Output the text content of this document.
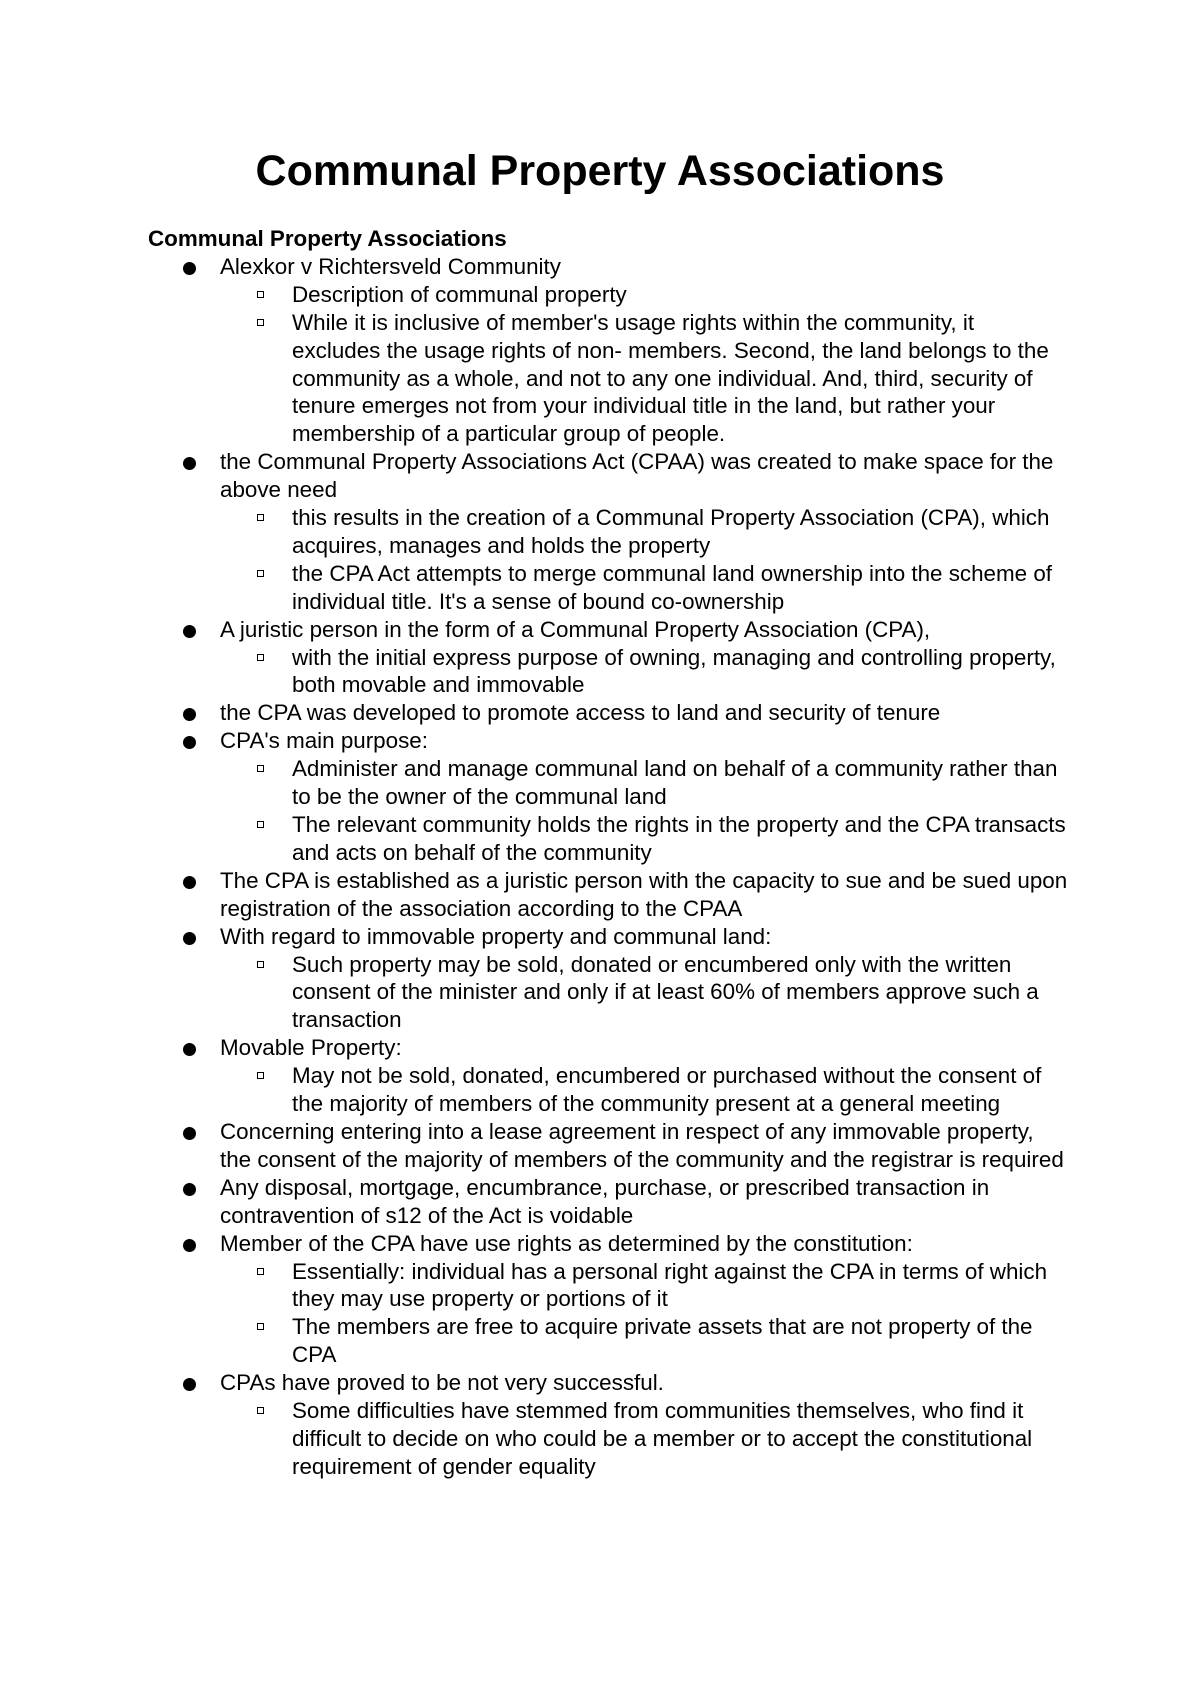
Communal Property Associations
Communal Property Associations
Alexkor v Richtersveld Community
Description of communal property
While it is inclusive of member's usage rights within the community, it excludes the usage rights of non- members. Second, the land belongs to the community as a whole, and not to any one individual. And, third, security of tenure emerges not from your individual title in the land, but rather your membership of a particular group of people.
the Communal Property Associations Act (CPAA) was created to make space for the above need
this results in the creation of a Communal Property Association (CPA), which acquires, manages and holds the property
the CPA Act attempts to merge communal land ownership into the scheme of individual title. It's a sense of bound co-ownership
A juristic person in the form of a Communal Property Association (CPA),
with the initial express purpose of owning, managing and controlling property, both movable and immovable
the CPA was developed to promote access to land and security of tenure
CPA's main purpose:
Administer and manage communal land on behalf of a community rather than to be the owner of the communal land
The relevant community holds the rights in the property and the CPA transacts and acts on behalf of the community
The CPA is established as a juristic person with the capacity to sue and be sued upon registration of the association according to the CPAA
With regard to immovable property and communal land:
Such property may be sold, donated or encumbered only with the written consent of the minister and only if at least 60% of members approve such a transaction
Movable Property:
May not be sold, donated, encumbered or purchased without the consent of the majority of members of the community present at a general meeting
Concerning entering into a lease agreement in respect of any immovable property, the consent of the majority of members of the community and the registrar is required
Any disposal, mortgage, encumbrance, purchase, or prescribed transaction in contravention of s12 of the Act is voidable
Member of the CPA have use rights as determined by the constitution:
Essentially: individual has a personal right against the CPA in terms of which they may use property or portions of it
The members are free to acquire private assets that are not property of the CPA
CPAs have proved to be not very successful.
Some difficulties have stemmed from communities themselves, who find it difficult to decide on who could be a member or to accept the constitutional requirement of gender equality
